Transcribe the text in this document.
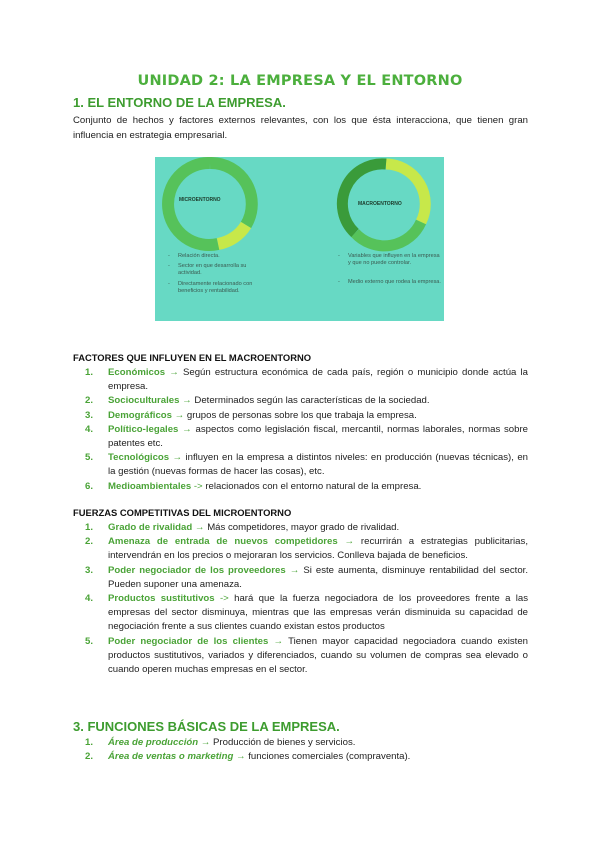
UNIDAD 2: LA EMPRESA Y EL ENTORNO
1. EL ENTORNO DE LA EMPRESA.
Conjunto de hechos y factores externos relevantes, con los que ésta interacciona, que tienen gran influencia en estrategia empresarial.
MICROENTORNO
MACROENTORNO
- Relación directa.
- Sector en que desarrolla su actividad.
- Directamente relacionado con beneficios y rentabilidad.
- Variables que influyen en la empresa y que no puede controlar.
- Medio externo que rodea la empresa.
FACTORES QUE INFLUYEN EN EL MACROENTORNO
1. Económicos → Según estructura económica de cada país, región o municipio donde actúa la empresa.
2. Socioculturales → Determinados según las características de la sociedad.
3. Demográficos → grupos de personas sobre los que trabaja la empresa.
4. Político-legales → aspectos como legislación fiscal, mercantil, normas laborales, normas sobre patentes etc.
5. Tecnológicos → influyen en la empresa a distintos niveles: en producción (nuevas técnicas), en la gestión (nuevas formas de hacer las cosas), etc.
6. Medioambientales -> relacionados con el entorno natural de la empresa.
FUERZAS COMPETITIVAS DEL MICROENTORNO
1. Grado de rivalidad → Más competidores, mayor grado de rivalidad.
2. Amenaza de entrada de nuevos competidores → recurrirán a estrategias publicitarias, intervendrán en los precios o mejoraran los servicios. Conlleva bajada de beneficios.
3. Poder negociador de los proveedores → Si este aumenta, disminuye rentabilidad del sector. Pueden suponer una amenaza.
4. Productos sustitutivos -> hará que la fuerza negociadora de los proveedores frente a las empresas del sector disminuya, mientras que las empresas verán disminuida su capacidad de negociación frente a sus clientes cuando existan estos productos
5. Poder negociador de los clientes → Tienen mayor capacidad negociadora cuando existen productos sustitutivos, variados y diferenciados, cuando su volumen de compras sea elevado o cuando operen muchas empresas en el sector.
3. FUNCIONES BÁSICAS DE LA EMPRESA.
1. Área de producción → Producción de bienes y servicios.
2. Área de ventas o marketing → funciones comerciales (compraventa).
